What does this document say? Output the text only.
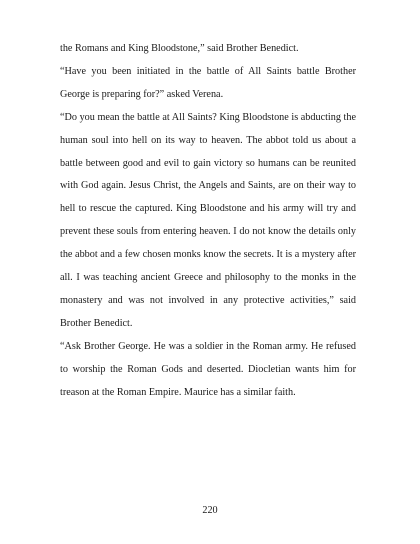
the Romans and King Bloodstone,” said Brother Benedict.

“Have you been initiated in the battle of All Saints battle Brother George is preparing for?” asked Verena.

“Do you mean the battle at All Saints? King Bloodstone is abducting the human soul into hell on its way to heaven. The abbot told us about a battle between good and evil to gain victory so humans can be reunited with God again. Jesus Christ, the Angels and Saints, are on their way to hell to rescue the captured. King Bloodstone and his army will try and prevent these souls from entering heaven. I do not know the details only the abbot and a few chosen monks know the secrets. It is a mystery after all. I was teaching ancient Greece and philosophy to the monks in the monastery and was not involved in any protective activities,” said Brother Benedict.

“Ask Brother George. He was a soldier in the Roman army. He refused to worship the Roman Gods and deserted. Diocletian wants him for treason at the Roman Empire. Maurice has a similar faith.

220
